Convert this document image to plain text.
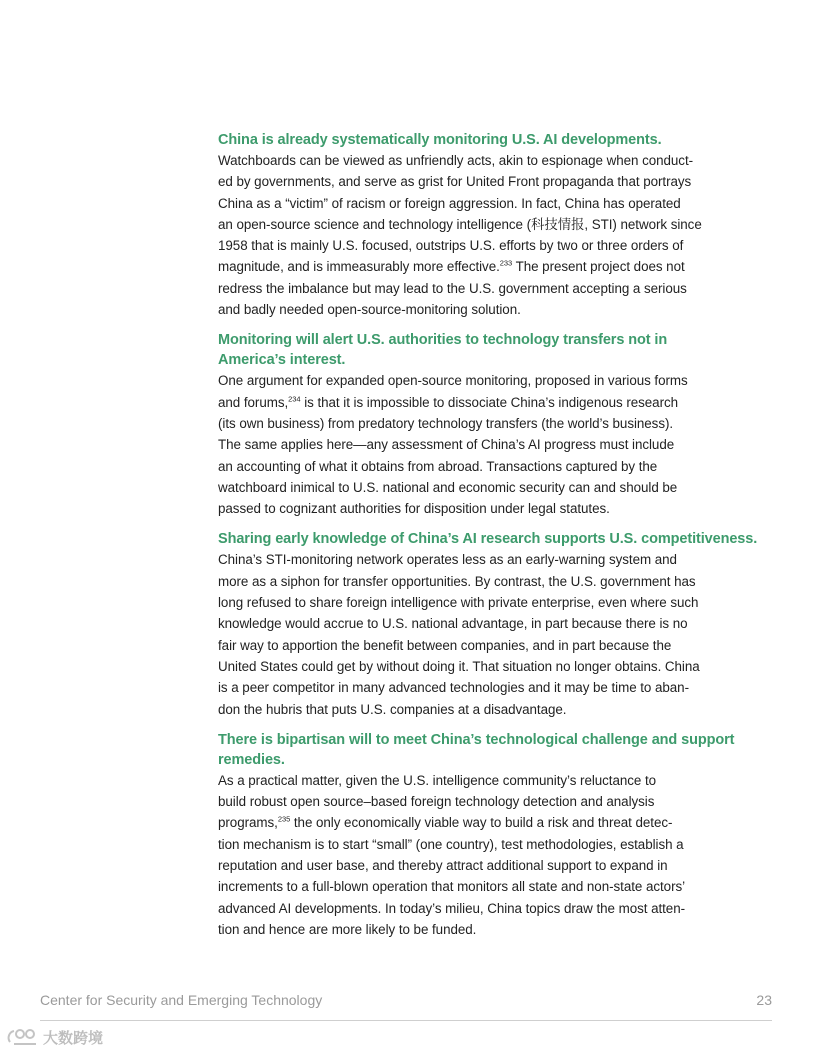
China is already systematically monitoring U.S. AI developments.

Watchboards can be viewed as unfriendly acts, akin to espionage when conduct-
ed by governments, and serve as grist for United Front propaganda that portrays
China as a “victim” of racism or foreign aggression. In fact, China has operated
an open-source science and technology intelligence (科技情报, STI) network since
1958 that is mainly U.S. focused, outstrips U.S. efforts by two or three orders of
magnitude, and is immeasurably more effective.$^{233}$ The present project does not
redress the imbalance but may lead to the U.S. government accepting a serious
and badly needed open-source-monitoring solution.

Monitoring will alert U.S. authorities to technology transfers not in
America’s interest.

One argument for expanded open-source monitoring, proposed in various forms
and forums,$^{234}$ is that it is impossible to dissociate China’s indigenous research
(its own business) from predatory technology transfers (the world’s business).
The same applies here—any assessment of China’s AI progress must include
an accounting of what it obtains from abroad. Transactions captured by the
watchboard inimical to U.S. national and economic security can and should be
passed to cognizant authorities for disposition under legal statutes.

Sharing early knowledge of China’s AI research supports U.S. competitiveness.

China’s STI-monitoring network operates less as an early-warning system and
more as a siphon for transfer opportunities. By contrast, the U.S. government has
long refused to share foreign intelligence with private enterprise, even where such
knowledge would accrue to U.S. national advantage, in part because there is no
fair way to apportion the benefit between companies, and in part because the
United States could get by without doing it. That situation no longer obtains. China
is a peer competitor in many advanced technologies and it may be time to aban-
don the hubris that puts U.S. companies at a disadvantage.

There is bipartisan will to meet China’s technological challenge and support
remedies.

As a practical matter, given the U.S. intelligence community’s reluctance to
build robust open source–based foreign technology detection and analysis
programs,$^{235}$ the only economically viable way to build a risk and threat detec-
tion mechanism is to start “small” (one country), test methodologies, establish a
reputation and user base, and thereby attract additional support to expand in
increments to a full-blown operation that monitors all state and non-state actors’
advanced AI developments. In today’s milieu, China topics draw the most atten-
tion and hence are more likely to be funded.

Center for Security and Emerging Technology	23
大数跨境
